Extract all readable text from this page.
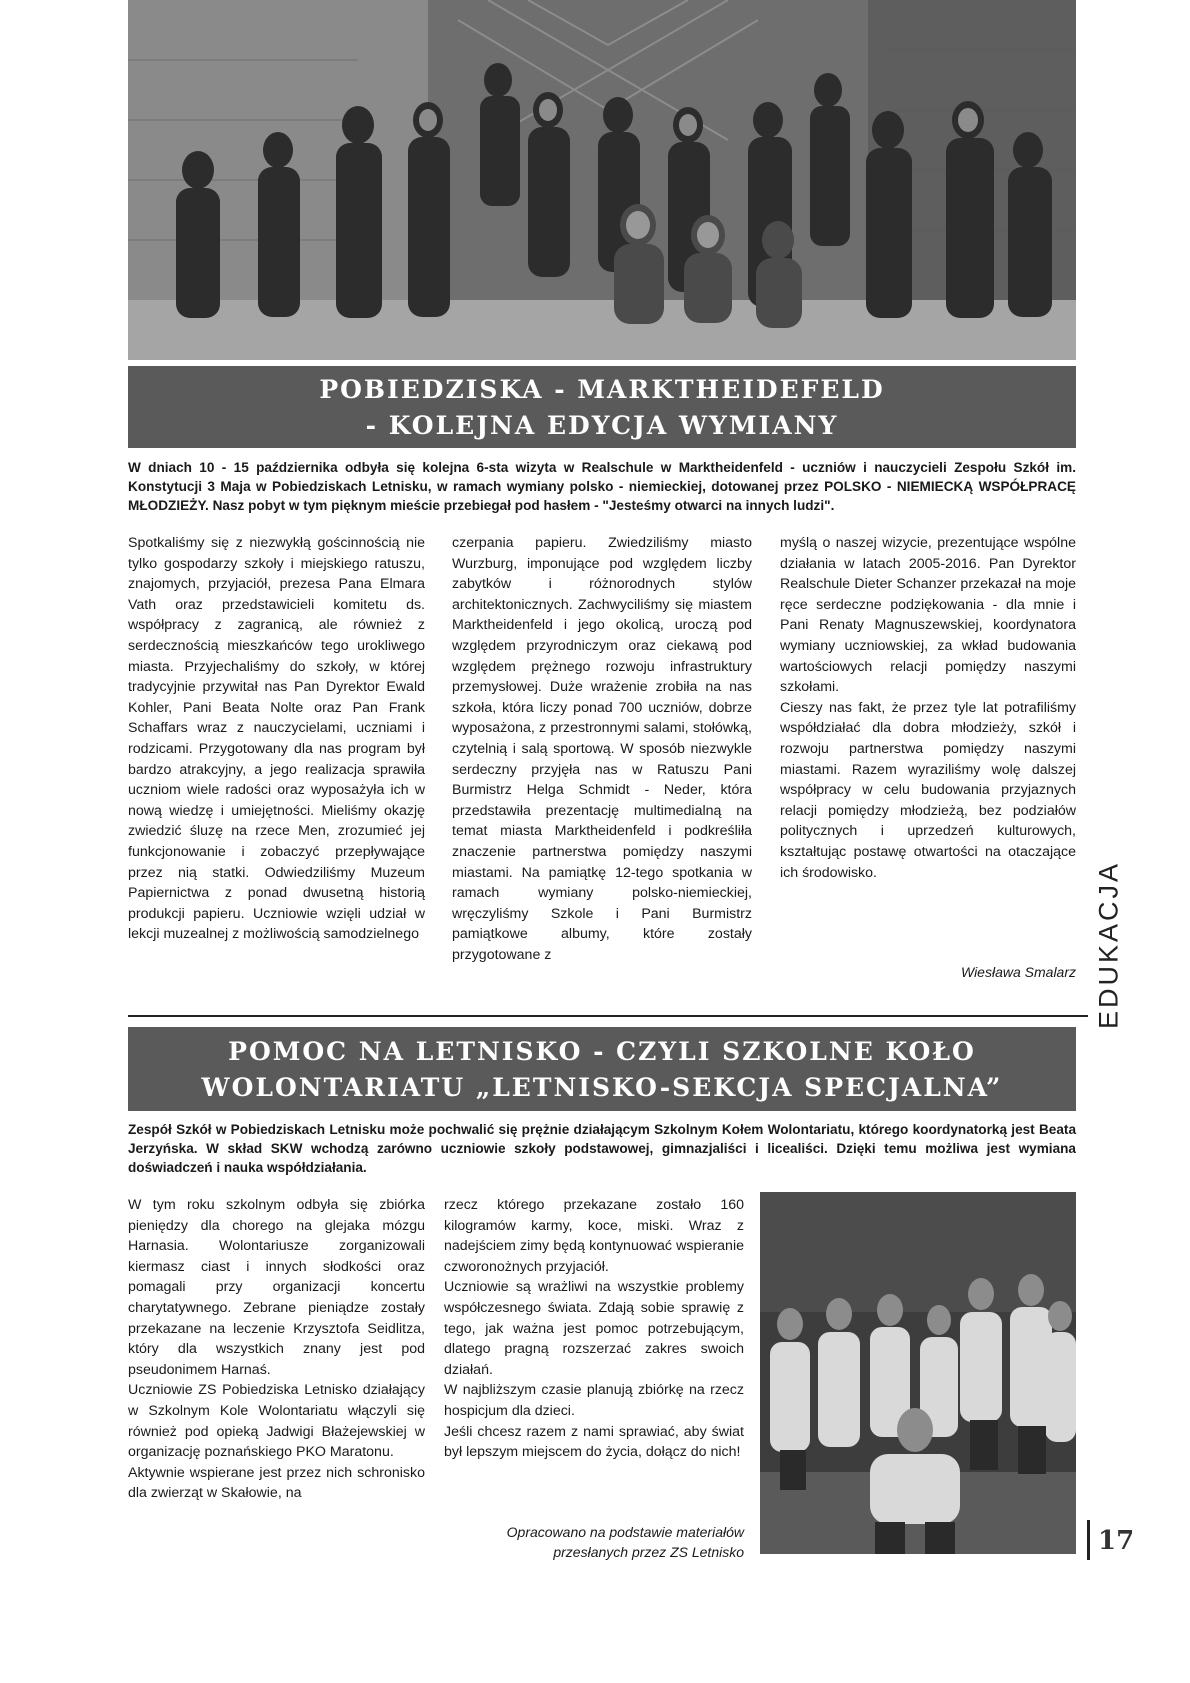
POBIEDZISKA - MARKTHEIDEFELD
- KOLEJNA EDYCJA WYMIANY

W dniach 10 - 15 października odbyła się kolejna 6-sta wizyta w Realschule w Marktheidenfeld - uczniów i nauczycieli Zespołu Szkół im. Konstytucji 3 Maja w Pobiedziskach Letnisku, w ramach wymiany polsko - niemieckiej, dotowanej przez POLSKO - NIEMIECKĄ WSPÓŁPRACĘ MŁODZIEŻY. Nasz pobyt w tym pięknym mieście przebiegał pod hasłem - "Jesteśmy otwarci na innych ludzi".

Spotkaliśmy się z niezwykłą gościnnością nie tylko gospodarzy szkoły i miejskiego ratuszu, znajomych, przyjaciół, prezesa Pana Elmara Vath oraz przedstawicieli komitetu ds. współpracy z zagranicą, ale również z serdecznością mieszkańców tego urokliwego miasta. Przyjechaliśmy do szkoły, w której tradycyjnie przywitał nas Pan Dyrektor Ewald Kohler, Pani Beata Nolte oraz Pan Frank Schaffars wraz z nauczycielami, uczniami i rodzicami. Przygotowany dla nas program był bardzo atrakcyjny, a jego realizacja sprawiła uczniom wiele radości oraz wyposażyła ich w nową wiedzę i umiejętności. Mieliśmy okazję zwiedzić śluzę na rzece Men, zrozumieć jej funkcjonowanie i zobaczyć przepływające przez nią statki. Odwiedziliśmy Muzeum Papiernictwa z ponad dwusetną historią produkcji papieru. Uczniowie wzięli udział w lekcji muzealnej z możliwością samodzielnego

czerpania papieru. Zwiedziliśmy miasto Wurzburg, imponujące pod względem liczby zabytków i różnorodnych stylów architektonicznych. Zachwyciliśmy się miastem Marktheidenfeld i jego okolicą, uroczą pod względem przyrodniczym oraz ciekawą pod względem prężnego rozwoju infrastruktury przemysłowej. Duże wrażenie zrobiła na nas szkoła, która liczy ponad 700 uczniów, dobrze wyposażona, z przestronnymi salami, stołówką, czytelnią i salą sportową. W sposób niezwykle serdeczny przyjęła nas w Ratuszu Pani Burmistrz Helga Schmidt - Neder, która przedstawiła prezentację multimedialną na temat miasta Marktheidenfeld i podkreśliła znaczenie partnerstwa pomiędzy naszymi miastami. Na pamiątkę 12-tego spotkania w ramach wymiany polsko-niemieckiej, wręczyliśmy Szkole i Pani Burmistrz pamiątkowe albumy, które zostały przygotowane z

myślą o naszej wizycie, prezentujące wspólne działania w latach 2005-2016. Pan Dyrektor Realschule Dieter Schanzer przekazał na moje ręce serdeczne podziękowania - dla mnie i Pani Renaty Magnuszewskiej, koordynatora wymiany uczniowskiej, za wkład budowania wartościowych relacji pomiędzy naszymi szkołami.

Cieszy nas fakt, że przez tyle lat potrafiliśmy współdziałać dla dobra młodzieży, szkół i rozwoju partnerstwa pomiędzy naszymi miastami. Razem wyraziliśmy wolę dalszej współpracy w celu budowania przyjaznych relacji pomiędzy młodzieżą, bez podziałów politycznych i uprzedzeń kulturowych, kształtując postawę otwartości na otaczające ich środowisko.

Wiesława Smalarz EDUKACJA
POMOC NA LETNISKO - CZYLI SZKOLNE KOŁO
WOLONTARIATU „LETNISKO-SEKCJA SPECJALNA”

Zespół Szkół w Pobiedziskach Letnisku może pochwalić się prężnie działającym Szkolnym Kołem Wolontariatu, którego koordynatorką jest Beata Jerzyńska. W skład SKW wchodzą zarówno uczniowie szkoły podstawowej, gimnazjaliści i licealiści. Dzięki temu możliwa jest wymiana doświadczeń i nauka współdziałania.

W tym roku szkolnym odbyła się zbiórka pieniędzy dla chorego na glejaka mózgu Harnasia. Wolontariusze zorganizowali kiermasz ciast i innych słodkości oraz pomagali przy organizacji koncertu charytatywnego. Zebrane pieniądze zostały przekazane na leczenie Krzysztofa Seidlitza, który dla wszystkich znany jest pod pseudonimem Harnaś.

Uczniowie ZS Pobiedziska Letnisko działający w Szkolnym Kole Wolontariatu włączyli się również pod opieką Jadwigi Błażejewskiej w organizację poznańskiego PKO Maratonu.

Aktywnie wspierane jest przez nich schronisko dla zwierząt w Skałowie, na

rzecz którego przekazane zostało 160 kilogramów karmy, koce, miski. Wraz z nadejściem zimy będą kontynuować wspieranie czworonożnych przyjaciół.

Uczniowie są wrażliwi na wszystkie problemy współczesnego świata. Zdają sobie sprawię z tego, jak ważna jest pomoc potrzebującym, dlatego pragną rozszerzać zakres swoich działań.

W najbliższym czasie planują zbiórkę na rzecz hospicjum dla dzieci.

Jeśli chcesz razem z nami sprawiać, aby świat był lepszym miejscem do życia, dołącz do nich!

Opracowano na podstawie materiałów
przesłanych przez ZS Letnisko	17
